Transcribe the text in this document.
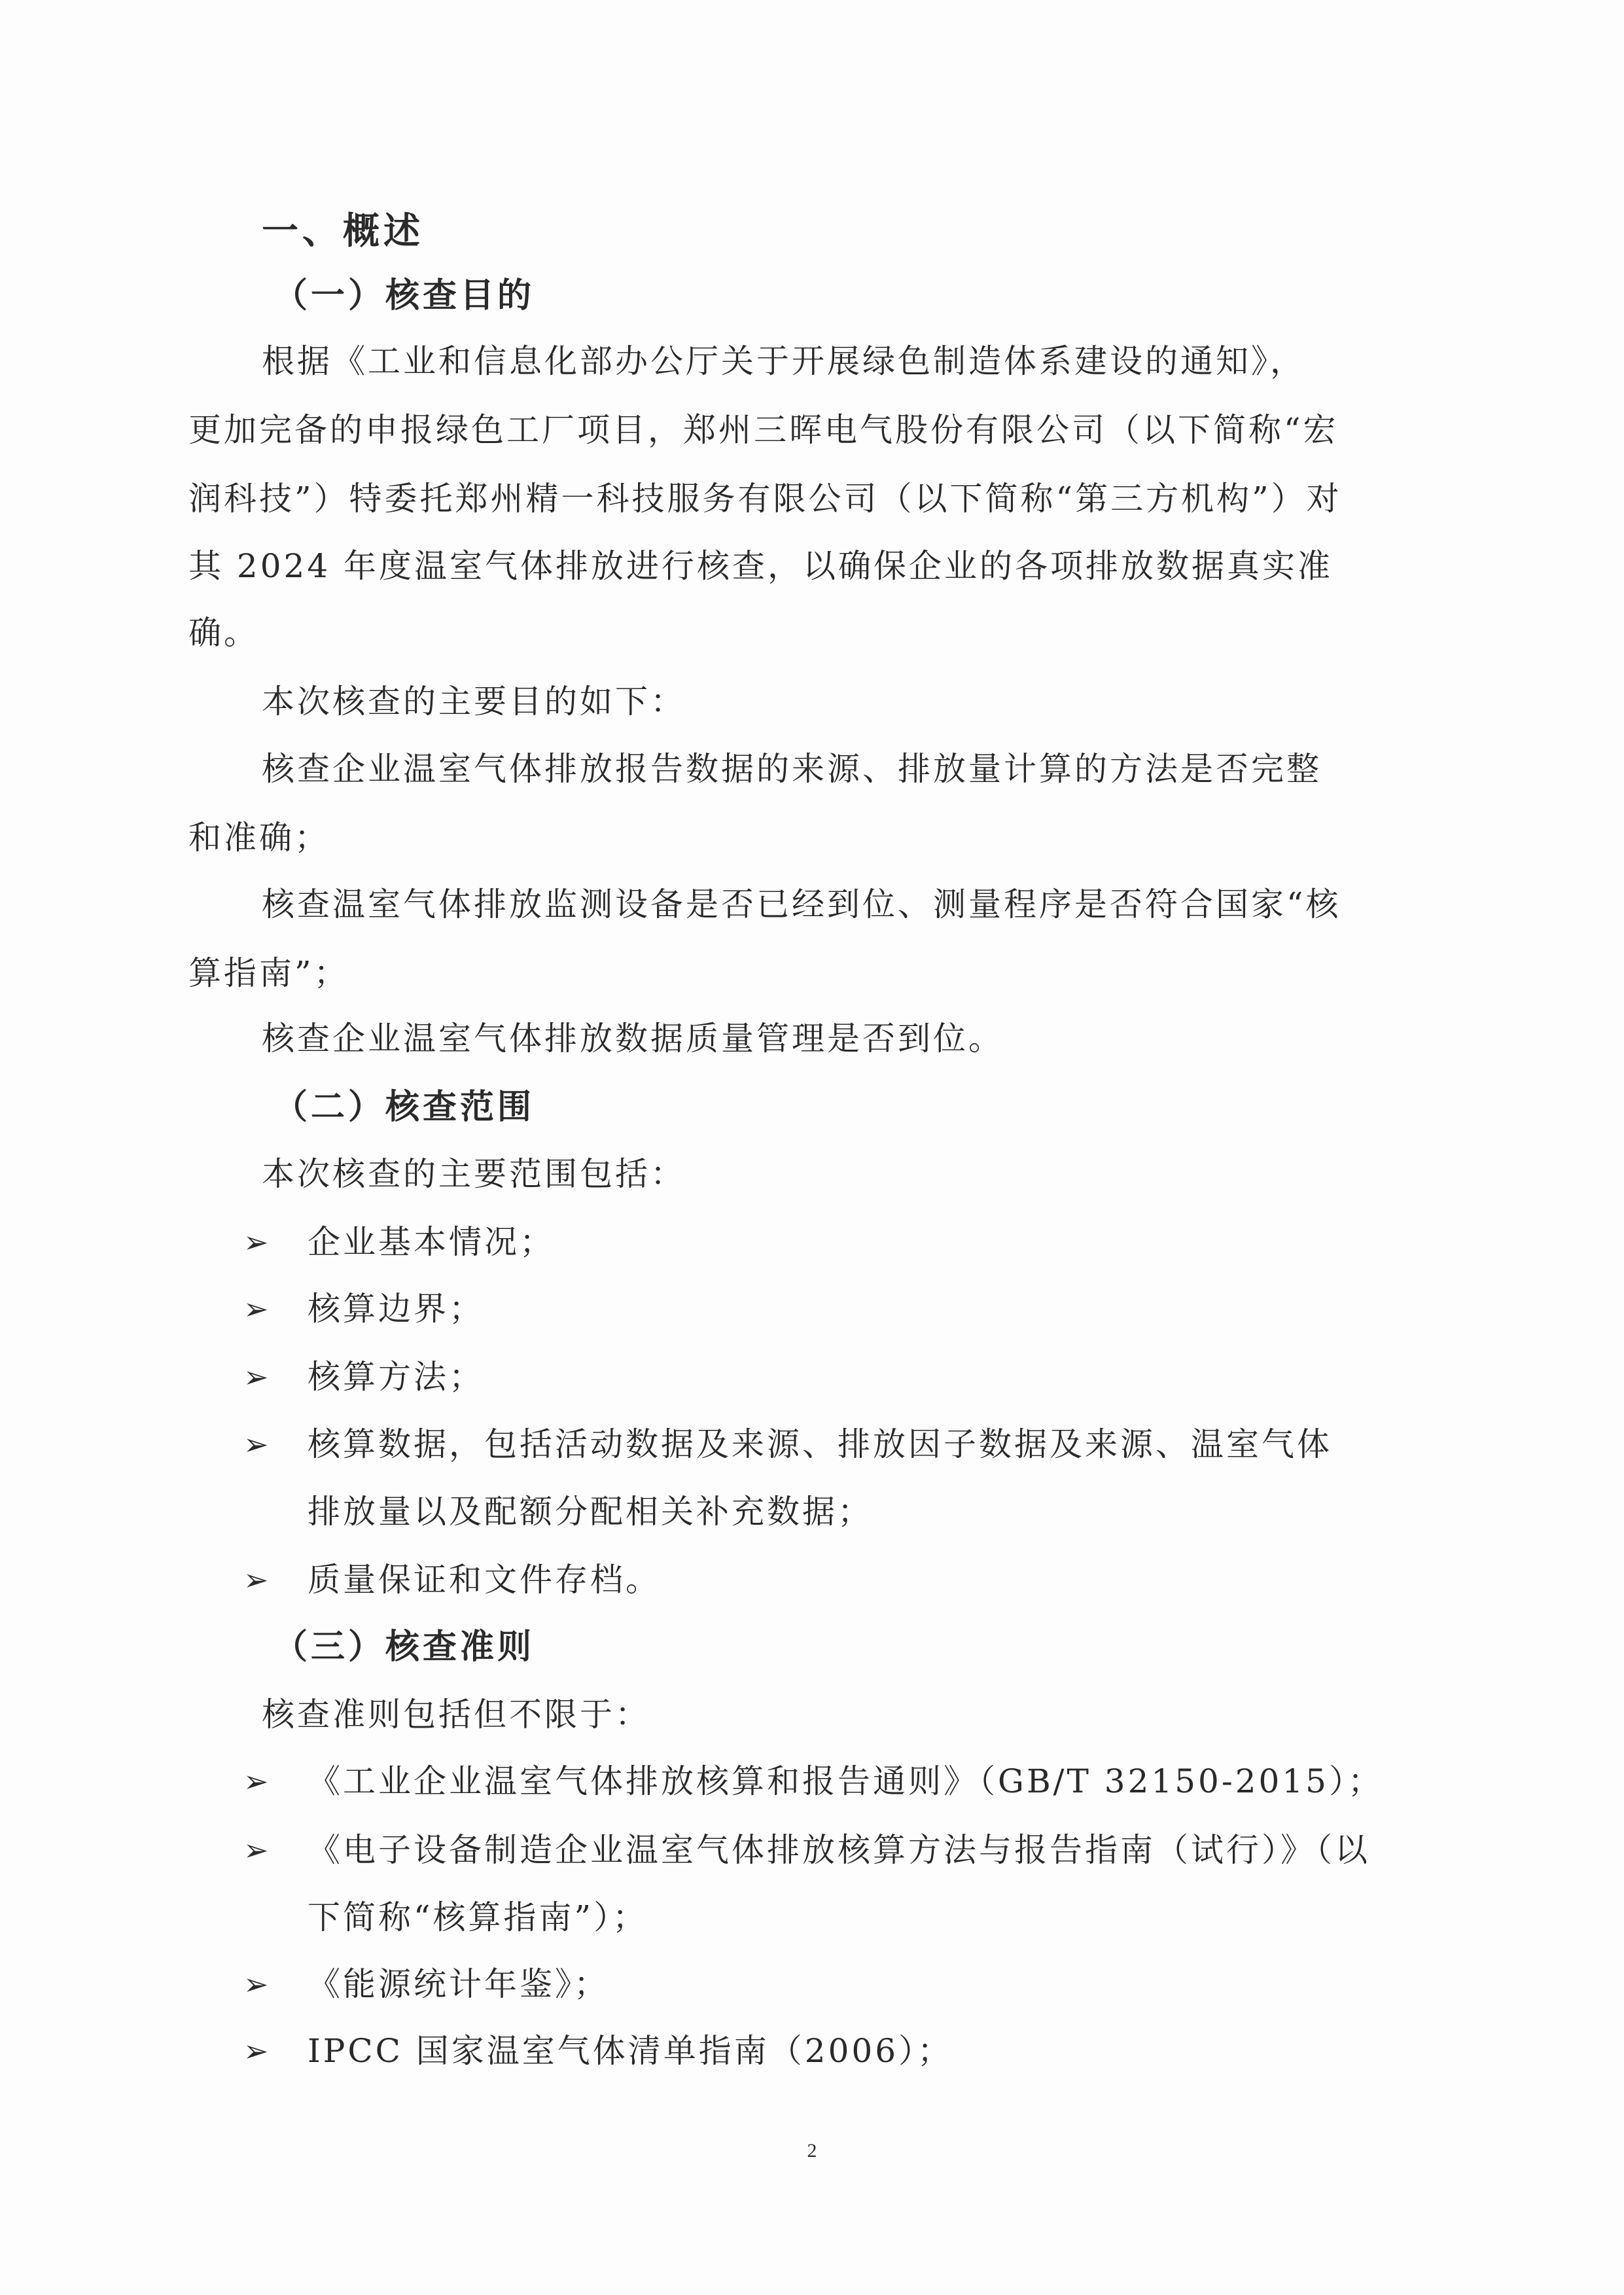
一、概述
（一）核查目的
根据《工业和信息化部办公厅关于开展绿色制造体系建设的通知》，
更加完备的申报绿色工厂项目，郑州三晖电气股份有限公司（以下简称“宏
润科技”）特委托郑州精一科技服务有限公司（以下简称“第三方机构”）对
其 2024 年度温室气体排放进行核查，以确保企业的各项排放数据真实准
确。
本次核查的主要目的如下：
核查企业温室气体排放报告数据的来源、排放量计算的方法是否完整
和准确；
核查温室气体排放监测设备是否已经到位、测量程序是否符合国家“核
算指南”；
核查企业温室气体排放数据质量管理是否到位。
（二）核查范围
本次核查的主要范围包括：
➢ 企业基本情况；
➢ 核算边界；
➢ 核算方法；
➢ 核算数据，包括活动数据及来源、排放因子数据及来源、温室气体
排放量以及配额分配相关补充数据；
➢ 质量保证和文件存档。
（三）核查准则
核查准则包括但不限于：
➢ 《工业企业温室气体排放核算和报告通则》（GB/T 32150-2015）；
➢ 《电子设备制造企业温室气体排放核算方法与报告指南（试行）》（以
下简称“核算指南”）；
➢ 《能源统计年鉴》；
➢ IPCC 国家温室气体清单指南（2006）；
2
